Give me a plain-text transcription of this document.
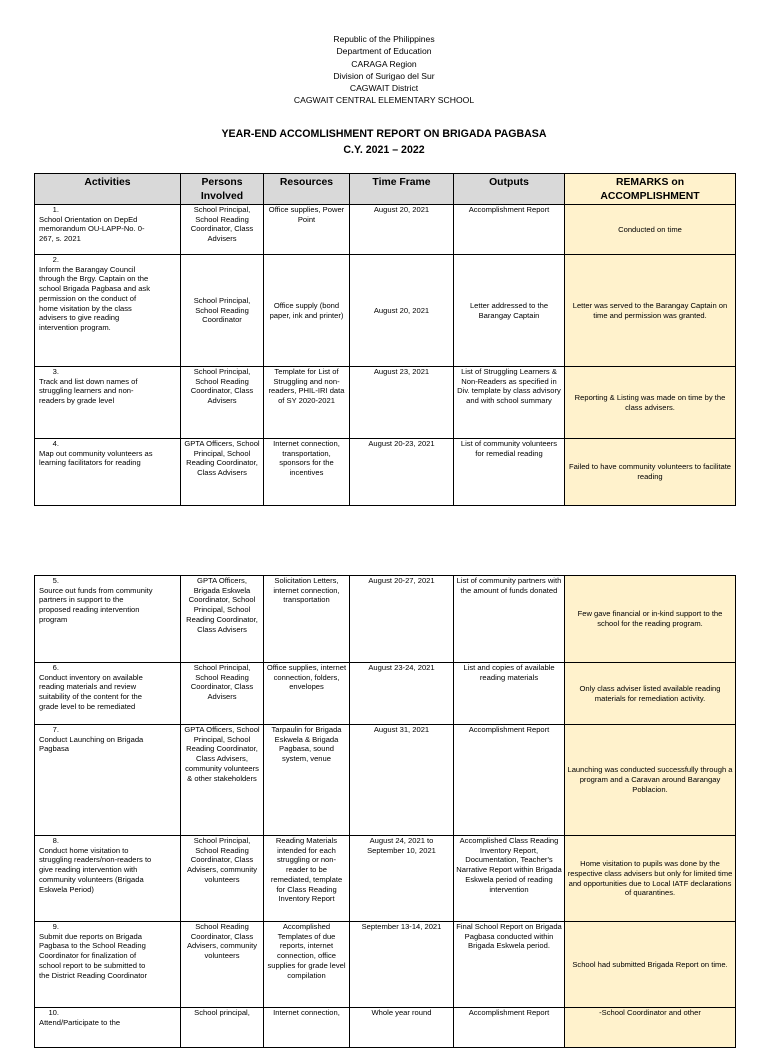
Republic of the Philippines
Department of Education
CARAGA Region
Division of Surigao del Sur
CAGWAIT District
CAGWAIT CENTRAL ELEMENTARY SCHOOL
YEAR-END ACCOMLISHMENT REPORT ON BRIGADA PAGBASA
C.Y. 2021 – 2022
Activities	Persons Involved	Resources	Time Frame	Outputs	REMARKS on ACCOMPLISHMENT
1.School Orientation on DepEd memorandum OU-LAPP-No. 0-267, s. 2021	School Principal, School Reading Coordinator, Class Advisers	Office supplies, Power Point	August 20, 2021	Accomplishment Report	Conducted on time
2.Inform the Barangay Council through the Brgy. Captain on the school Brigada Pagbasa and ask permission on the conduct of home visitation by the class advisers to give reading intervention program.	School Principal, School Reading Coordinator	Office supply (bond paper, ink and printer)	August 20, 2021	Letter addressed to the Barangay Captain	Letter was served to the Barangay Captain on time and permission was granted.
3.Track and list down names of struggling learners and non-readers by grade level	School Principal, School Reading Coordinator, Class Advisers	Template for List of Struggling and non-readers, PHIL-IRI data of SY 2020-2021	August 23, 2021	List of Struggling Learners & Non-Readers as specified in Div. template by class advisory and with school summary	Reporting & Listing was made on time by the class advisers.
4.Map out community volunteers as learning facilitators for reading	GPTA Officers, School Principal, School Reading Coordinator, Class Advisers	Internet connection, transportation, sponsors for the incentives	August 20-23, 2021	List of community volunteers for remedial reading	Failed to have community volunteers to facilitate reading
5.Source out funds from community partners in support to the proposed reading intervention program	GPTA Officers, Brigada Eskwela Coordinator, School Principal, School Reading Coordinator, Class Advisers	Solicitation Letters, internet connection, transportation	August 20-27, 2021	List of community partners with the amount of funds donated	Few gave financial or in-kind support to the school for the reading program.
6.Conduct inventory on available reading materials and review suitability of the content for the grade level to be remediated	School Principal, School Reading Coordinator, Class Advisers	Office supplies, internet connection, folders, envelopes	August 23-24, 2021	List and copies of available reading materials	Only class adviser listed available reading materials for remediation activity.
7.Conduct Launching on Brigada Pagbasa	GPTA Officers, School Principal, School Reading Coordinator, Class Advisers, community volunteers & other stakeholders	Tarpaulin for Brigada Eskwela & Brigada Pagbasa, sound system, venue	August 31, 2021	Accomplishment Report	Launching was conducted successfully through a program and a Caravan around Barangay Poblacion.
8.Conduct home visitation to struggling readers/non-readers to give reading intervention with community volunteers (Brigada Eskwela Period)	School Principal, School Reading Coordinator, Class Advisers, community volunteers	Reading Materials intended for each struggling or non-reader to be remediated, template for Class Reading Inventory Report	August 24, 2021 to September 10, 2021	Accomplished Class Reading Inventory Report, Documentation, Teacher's Narrative Report within Brigada Eskwela period of reading intervention	Home visitation to pupils was done by the respective class advisers but only for limited time and opportunities due to Local IATF declarations of quarantines.
9.Submit due reports on Brigada Pagbasa to the School Reading Coordinator for finalization of school report to be submitted to the District Reading Coordinator	School Reading Coordinator, Class Advisers, community volunteers	Accomplished Templates of due reports, internet connection, office supplies for grade level compilation	September 13-14, 2021	Final School Report on Brigada Pagbasa conducted within Brigada Eskwela period.	School had submitted Brigada Report on time.
10.Attend/Participate to the	School principal,	Internet connection,	Whole year round	Accomplishment Report	-School Coordinator and other
